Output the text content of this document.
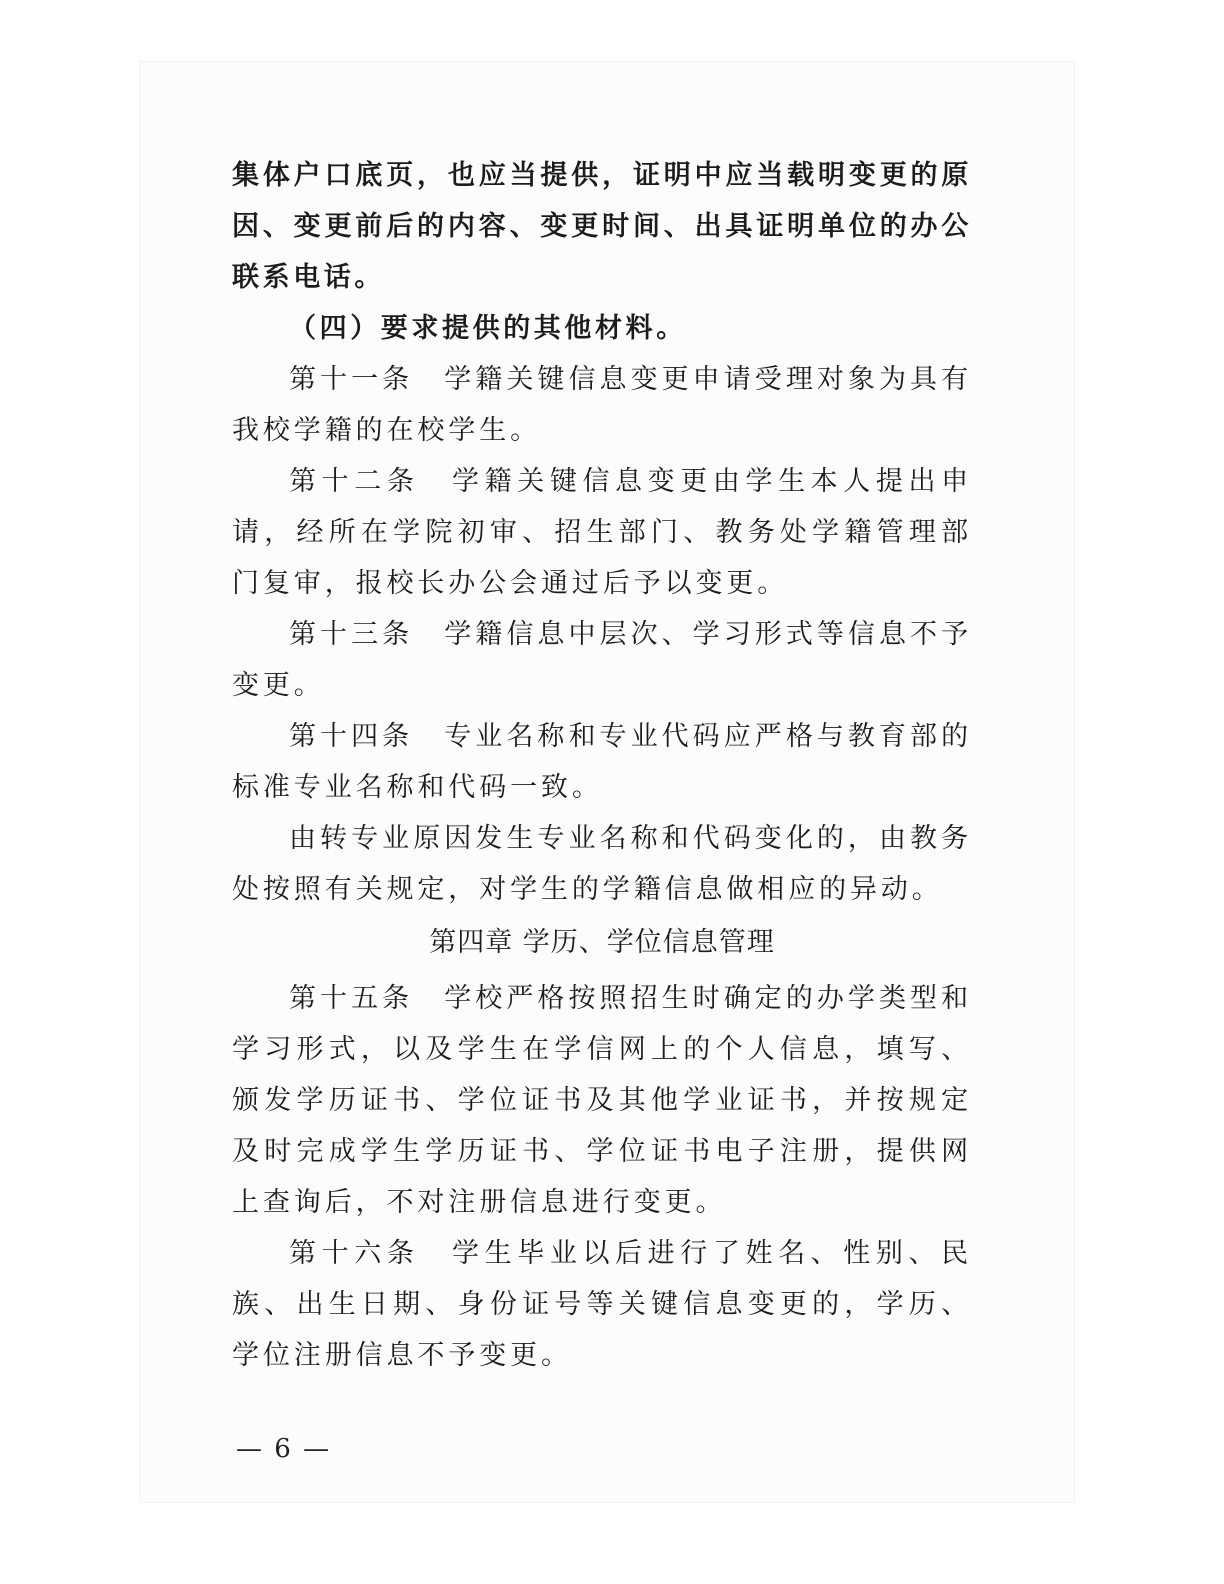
集体户口底页，也应当提供，证明中应当载明变更的原因、变更前后的内容、变更时间、出具证明单位的办公联系电话。

（四）要求提供的其他材料。

第十一条　学籍关键信息变更申请受理对象为具有我校学籍的在校学生。

第十二条　学籍关键信息变更由学生本人提出申请，经所在学院初审、招生部门、教务处学籍管理部门复审，报校长办公会通过后予以变更。

第十三条　学籍信息中层次、学习形式等信息不予变更。

第十四条　专业名称和专业代码应严格与教育部的标准专业名称和代码一致。

由转专业原因发生专业名称和代码变化的，由教务处按照有关规定，对学生的学籍信息做相应的异动。

第四章 学历、学位信息管理

第十五条　学校严格按照招生时确定的办学类型和学习形式，以及学生在学信网上的个人信息，填写、颁发学历证书、学位证书及其他学业证书，并按规定及时完成学生学历证书、学位证书电子注册，提供网上查询后，不对注册信息进行变更。

第十六条　学生毕业以后进行了姓名、性别、民族、出生日期、身份证号等关键信息变更的，学历、学位注册信息不予变更。

— 6 —
